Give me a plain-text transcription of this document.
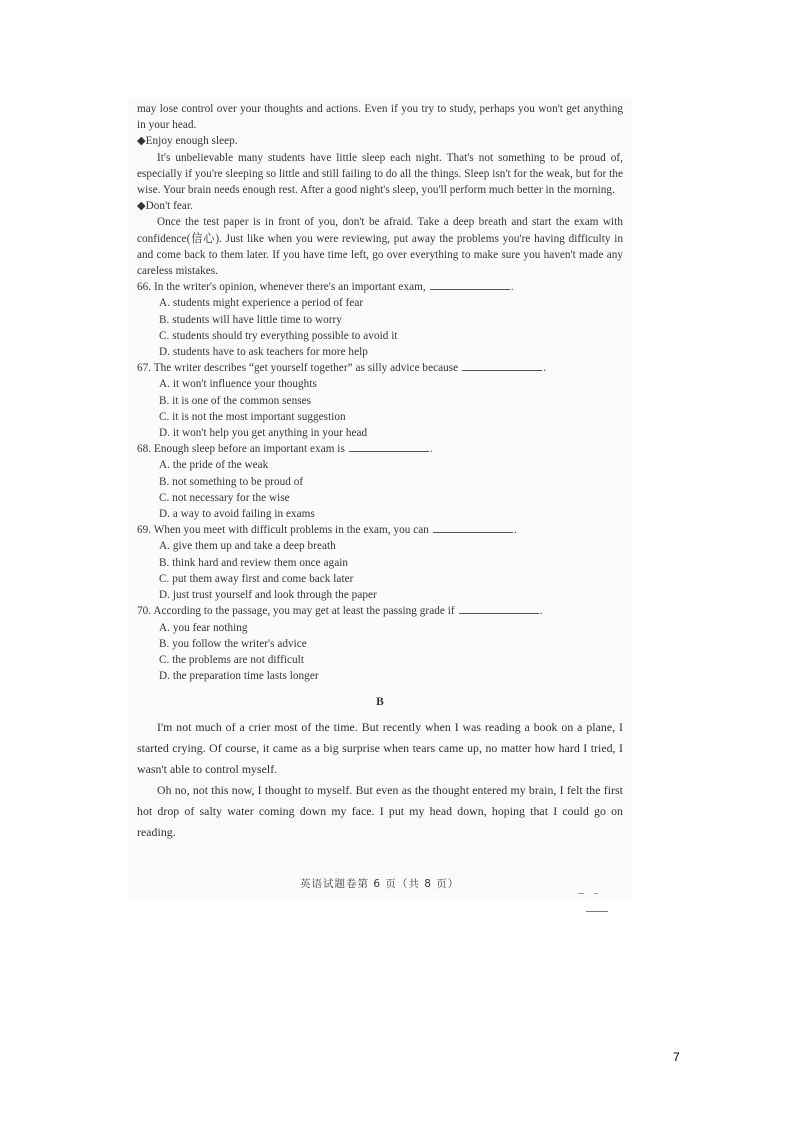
may lose control over your thoughts and actions. Even if you try to study, perhaps you won't get anything in your head.

◆Enjoy enough sleep.

It's unbelievable many students have little sleep each night. That's not something to be proud of, especially if you're sleeping so little and still failing to do all the things. Sleep isn't for the weak, but for the wise. Your brain needs enough rest. After a good night's sleep, you'll perform much better in the morning.

◆Don't fear.

Once the test paper is in front of you, don't be afraid. Take a deep breath and start the exam with confidence(信心). Just like when you were reviewing, put away the problems you're having difficulty in and come back to them later. If you have time left, go over everything to make sure you haven't made any careless mistakes.

66. In the writer's opinion, whenever there's an important exam,	.

A. students might experience a period of fear
B. students will have little time to worry
C. students should try everything possible to avoid it
D. students have to ask teachers for more help

67. The writer describes “get yourself together” as silly advice because	.

A. it won't influence your thoughts
B. it is one of the common senses
C. it is not the most important suggestion
D. it won't help you get anything in your head

68. Enough sleep before an important exam is	.

A. the pride of the weak
B. not something to be proud of
C. not necessary for the wise
D. a way to avoid failing in exams

69. When you meet with difficult problems in the exam, you can	.

A. give them up and take a deep breath
B. think hard and review them once again
C. put them away first and come back later
D. just trust yourself and look through the paper

70. According to the passage, you may get at least the passing grade if	.

A. you fear nothing
B. you follow the writer's advice
C. the problems are not difficult
D. the preparation time lasts longer
B

I'm not much of a crier most of the time. But recently when I was reading a book on a plane, I started crying. Of course, it came as a big surprise when tears came up, no matter how hard I tried, I wasn't able to control myself.

Oh no, not this now, I thought to myself. But even as the thought entered my brain, I felt the first hot drop of salty water coming down my face. I put my head down, hoping that I could go on reading.

英语试题卷第 6 页（共 8 页）

7
